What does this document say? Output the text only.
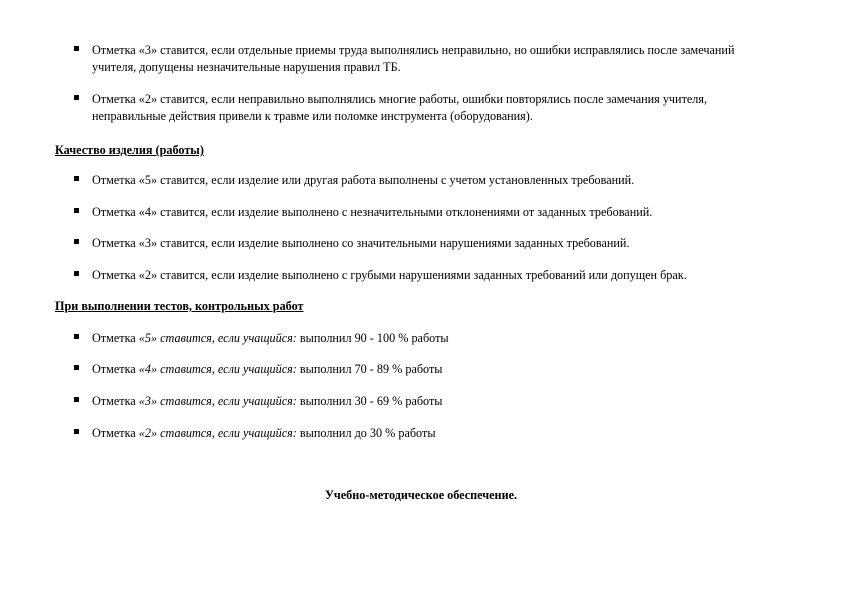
Отметка «3» ставится, если отдельные приемы труда выполнялись неправильно, но ошибки исправлялись после замечаний учителя, допущены незначительные нарушения правил ТБ.
Отметка «2» ставится, если неправильно выполнялись многие работы, ошибки повторялись после замечания учителя, неправильные действия привели к травме или поломке инструмента (оборудования).
Качество изделия (работы)
Отметка «5» ставится, если изделие или другая работа выполнены с учетом установленных требований.
Отметка «4» ставится, если изделие выполнено с незначительными отклонениями от заданных требований.
Отметка «3» ставится, если изделие выполнено со значительными нарушениями заданных требований.
Отметка «2» ставится, если изделие выполнено с грубыми нарушениями заданных требований или допущен брак.
При выполнении тестов, контрольных работ
Отметка «5» ставится, если учащийся: выполнил 90 - 100 % работы
Отметка «4» ставится, если учащийся: выполнил 70 - 89 % работы
Отметка «3» ставится, если учащийся: выполнил 30 - 69 % работы
Отметка «2» ставится, если учащийся: выполнил до 30 % работы
Учебно-методическое обеспечение.
